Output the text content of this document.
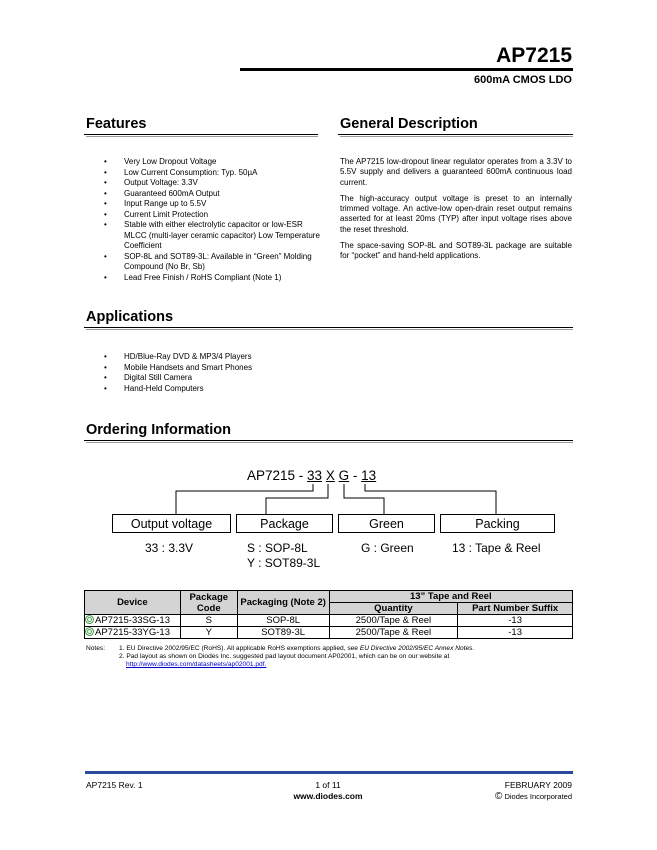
AP7215
600mA CMOS LDO
Features	General Description
• Very Low Dropout Voltage
• Low Current Consumption: Typ. 50µA
• Output Voltage: 3.3V
• Guaranteed 600mA Output
• Input Range up to 5.5V
• Current Limit Protection
• Stable with either electrolytic capacitor or low-ESR MLCC (multi-layer ceramic capacitor) Low Temperature Coefficient
• SOP-8L and SOT89-3L: Available in “Green” Molding Compound (No Br, Sb)
• Lead Free Finish / RoHS Compliant (Note 1)

The AP7215 low-dropout linear regulator operates from a 3.3V to 5.5V supply and delivers a guaranteed 600mA continuous load current.

The high-accuracy output voltage is preset to an internally trimmed voltage. An active-low open-drain reset output remains asserted for at least 20ms (TYP) after input voltage rises above the reset threshold.

The space-saving SOP-8L and SOT89-3L package are suitable for “pocket” and hand-held applications.

Applications
• HD/Blue-Ray DVD & MP3/4 Players
• Mobile Handsets and Smart Phones
• Digital Still Camera
• Hand-Held Computers
Ordering Information
AP7215 - 33 X G - 13
Output voltage	Package	Green	Packing
33 : 3.3V	S : SOP-8L
Y : SOT89-3L
G : Green	13 : Tape & Reel
Device	Package Code	Packaging (Note 2)	13” Tape and Reel	
			Quantity	Part Number Suffix
AP7215-33SG-13	S	SOP-8L	2500/Tape & Reel	-13
AP7215-33YG-13	Y	SOT89-3L	2500/Tape & Reel	-13
Notes: 1. EU Directive 2002/95/EC (RoHS). All applicable RoHS exemptions applied, see EU Directive 2002/95/EC Annex Notes.
2. Pad layout as shown on Diodes Inc. suggested pad layout document AP02001, which can be on our website at
http://www.diodes.com/datasheets/ap02001.pdf.
AP7215 Rev. 1	1 of 11
www.diodes.com
FEBRUARY 2009
© Diodes Incorporated
